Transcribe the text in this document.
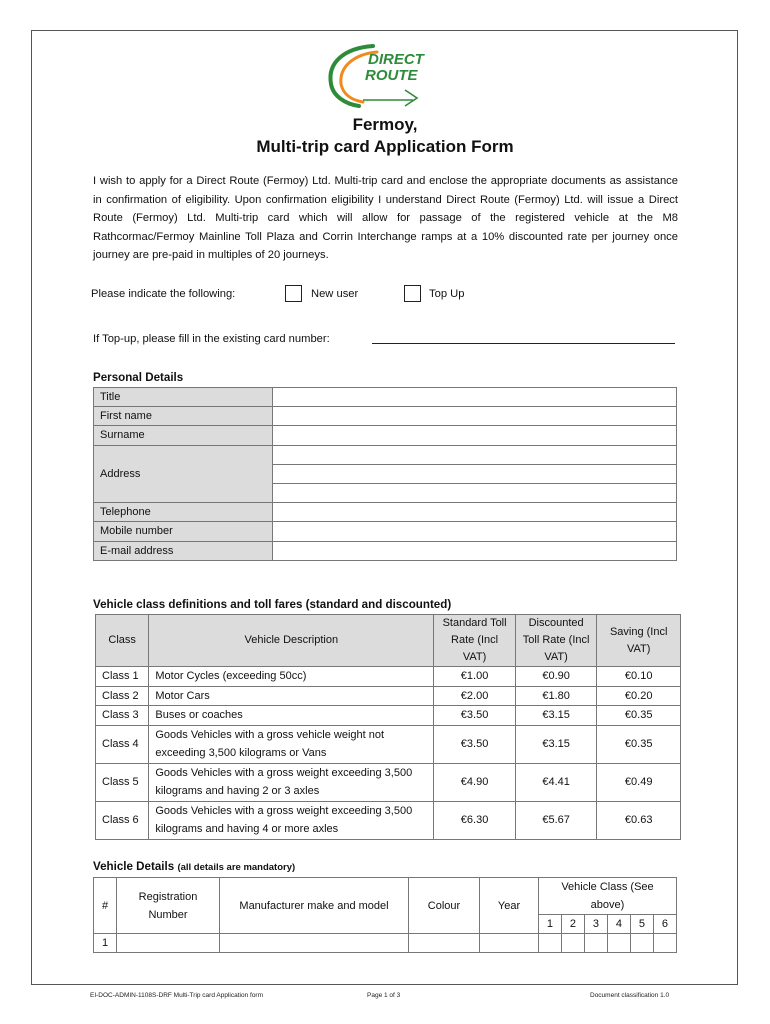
DIRECT
ROUTE
Fermoy,
Multi-trip card Application Form
I wish to apply for a Direct Route (Fermoy) Ltd. Multi-trip card and enclose the appropriate documents as assistance in confirmation of eligibility. Upon confirmation eligibility I understand Direct Route (Fermoy) Ltd. will issue a Direct Route (Fermoy) Ltd. Multi-trip card which will allow for passage of the registered vehicle at the M8 Rathcormac/Fermoy Mainline Toll Plaza and Corrin Interchange ramps at a 10% discounted rate per journey once journey are pre-paid in multiples of 20 journeys.
Please indicate the following:	New user	Top Up
If Top-up, please fill in the existing card number:
Personal Details
Title	
First name	
Surname	
Address	

Telephone	
Mobile number	
E-mail address	
Vehicle class definitions and toll fares (standard and discounted)
Class	Vehicle Description	Standard Toll Rate (Incl VAT)	Discounted Toll Rate (Incl VAT)	Saving (Incl VAT)
Class 1	Motor Cycles (exceeding 50cc)	€1.00	€0.90	€0.10
Class 2	Motor Cars	€2.00	€1.80	€0.20
Class 3	Buses or coaches	€3.50	€3.15	€0.35
Class 4	Goods Vehicles with a gross vehicle weight not exceeding 3,500 kilograms or Vans	€3.50	€3.15	€0.35
Class 5	Goods Vehicles with a gross weight exceeding 3,500 kilograms and having 2 or 3 axles	€4.90	€4.41	€0.49
Class 6	Goods Vehicles with a gross weight exceeding 3,500 kilograms and having 4 or more axles	€6.30	€5.67	€0.63
Vehicle Details (all details are mandatory)
#	Registration Number	Manufacturer make and model	Colour	Year	Vehicle Class (See above)					
					1	2	3	4	5	6
1										
EI-DOC-ADMIN-1108S-DRF Multi-Trip card Application form	Page 1 of 3	Document classification 1.0
